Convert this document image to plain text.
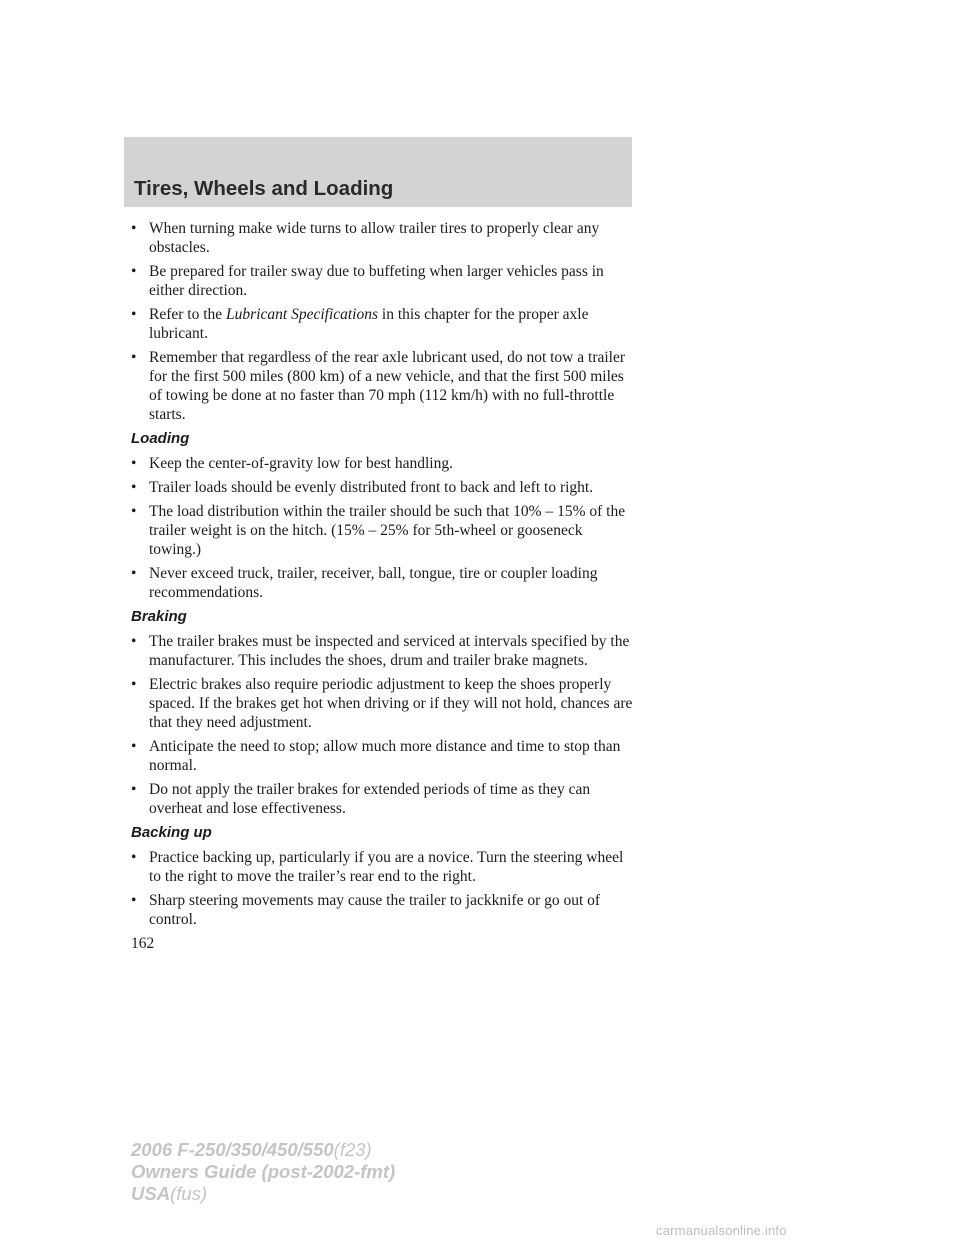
Tires, Wheels and Loading
• When turning make wide turns to allow trailer tires to properly clear any obstacles.
• Be prepared for trailer sway due to buffeting when larger vehicles pass in either direction.
• Refer to the Lubricant Specifications in this chapter for the proper axle lubricant.
• Remember that regardless of the rear axle lubricant used, do not tow a trailer for the first 500 miles (800 km) of a new vehicle, and that the first 500 miles of towing be done at no faster than 70 mph (112 km/h) with no full-throttle starts.
Loading
• Keep the center-of-gravity low for best handling.
• Trailer loads should be evenly distributed front to back and left to right.
• The load distribution within the trailer should be such that 10% – 15% of the trailer weight is on the hitch. (15% – 25% for 5th-wheel or gooseneck towing.)
• Never exceed truck, trailer, receiver, ball, tongue, tire or coupler loading recommendations.
Braking
• The trailer brakes must be inspected and serviced at intervals specified by the manufacturer. This includes the shoes, drum and trailer brake magnets.
• Electric brakes also require periodic adjustment to keep the shoes properly spaced. If the brakes get hot when driving or if they will not hold, chances are that they need adjustment.
• Anticipate the need to stop; allow much more distance and time to stop than normal.
• Do not apply the trailer brakes for extended periods of time as they can overheat and lose effectiveness.
Backing up
• Practice backing up, particularly if you are a novice. Turn the steering wheel to the right to move the trailer’s rear end to the right.
• Sharp steering movements may cause the trailer to jackknife or go out of control.
162
2006 F-250/350/450/550(f23)
Owners Guide (post-2002-fmt)
USA(fus)
carmanualsonline.info
